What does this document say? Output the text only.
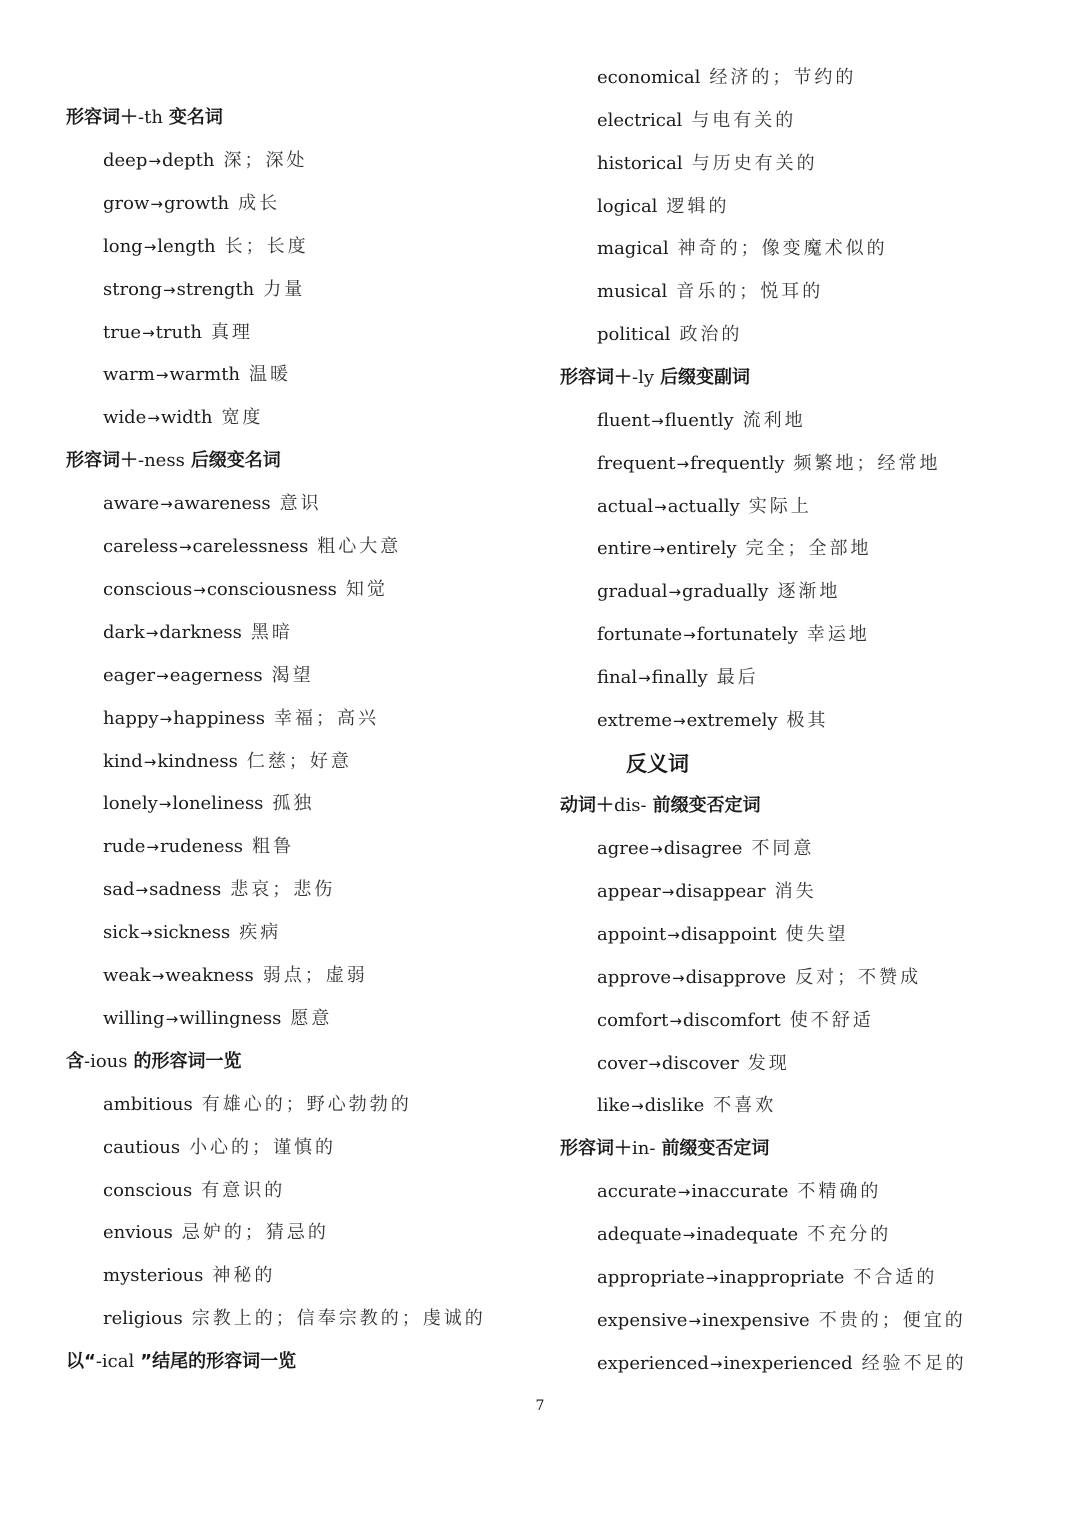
形容词＋-th 变名词
deep→depth 深；深处
grow→growth 成长
long→length 长；长度
strong→strength 力量
true→truth 真理
warm→warmth 温暖
wide→width 宽度
形容词＋-ness 后缀变名词
aware→awareness 意识
careless→carelessness 粗心大意
conscious→consciousness 知觉
dark→darkness 黑暗
eager→eagerness 渴望
happy→happiness 幸福；高兴
kind→kindness 仁慈；好意
lonely→loneliness 孤独
rude→rudeness 粗鲁
sad→sadness 悲哀；悲伤
sick→sickness 疾病
weak→weakness 弱点；虚弱
willing→willingness 愿意
含-ious 的形容词一览
ambitious 有雄心的；野心勃勃的
cautious 小心的；谨慎的
conscious 有意识的
envious 忌妒的；猜忌的
mysterious 神秘的
religious 宗教上的；信奉宗教的；虔诚的
以“-ical ”结尾的形容词一览
economical 经济的；节约的
electrical 与电有关的
historical 与历史有关的
logical 逻辑的
magical 神奇的；像变魔术似的
musical 音乐的；悦耳的
political 政治的
形容词＋-ly 后缀变副词
fluent→fluently 流利地
frequent→frequently 频繁地；经常地
actual→actually 实际上
entire→entirely 完全；全部地
gradual→gradually 逐渐地
fortunate→fortunately 幸运地
final→finally 最后
extreme→extremely 极其
反义词
动词＋dis- 前缀变否定词
agree→disagree 不同意
appear→disappear 消失
appoint→disappoint 使失望
approve→disapprove 反对；不赞成
comfort→discomfort 使不舒适
cover→discover 发现
like→dislike 不喜欢
形容词＋in- 前缀变否定词
accurate→inaccurate 不精确的
adequate→inadequate 不充分的
appropriate→inappropriate 不合适的
expensive→inexpensive 不贵的；便宜的
experienced→inexperienced 经验不足的
7
